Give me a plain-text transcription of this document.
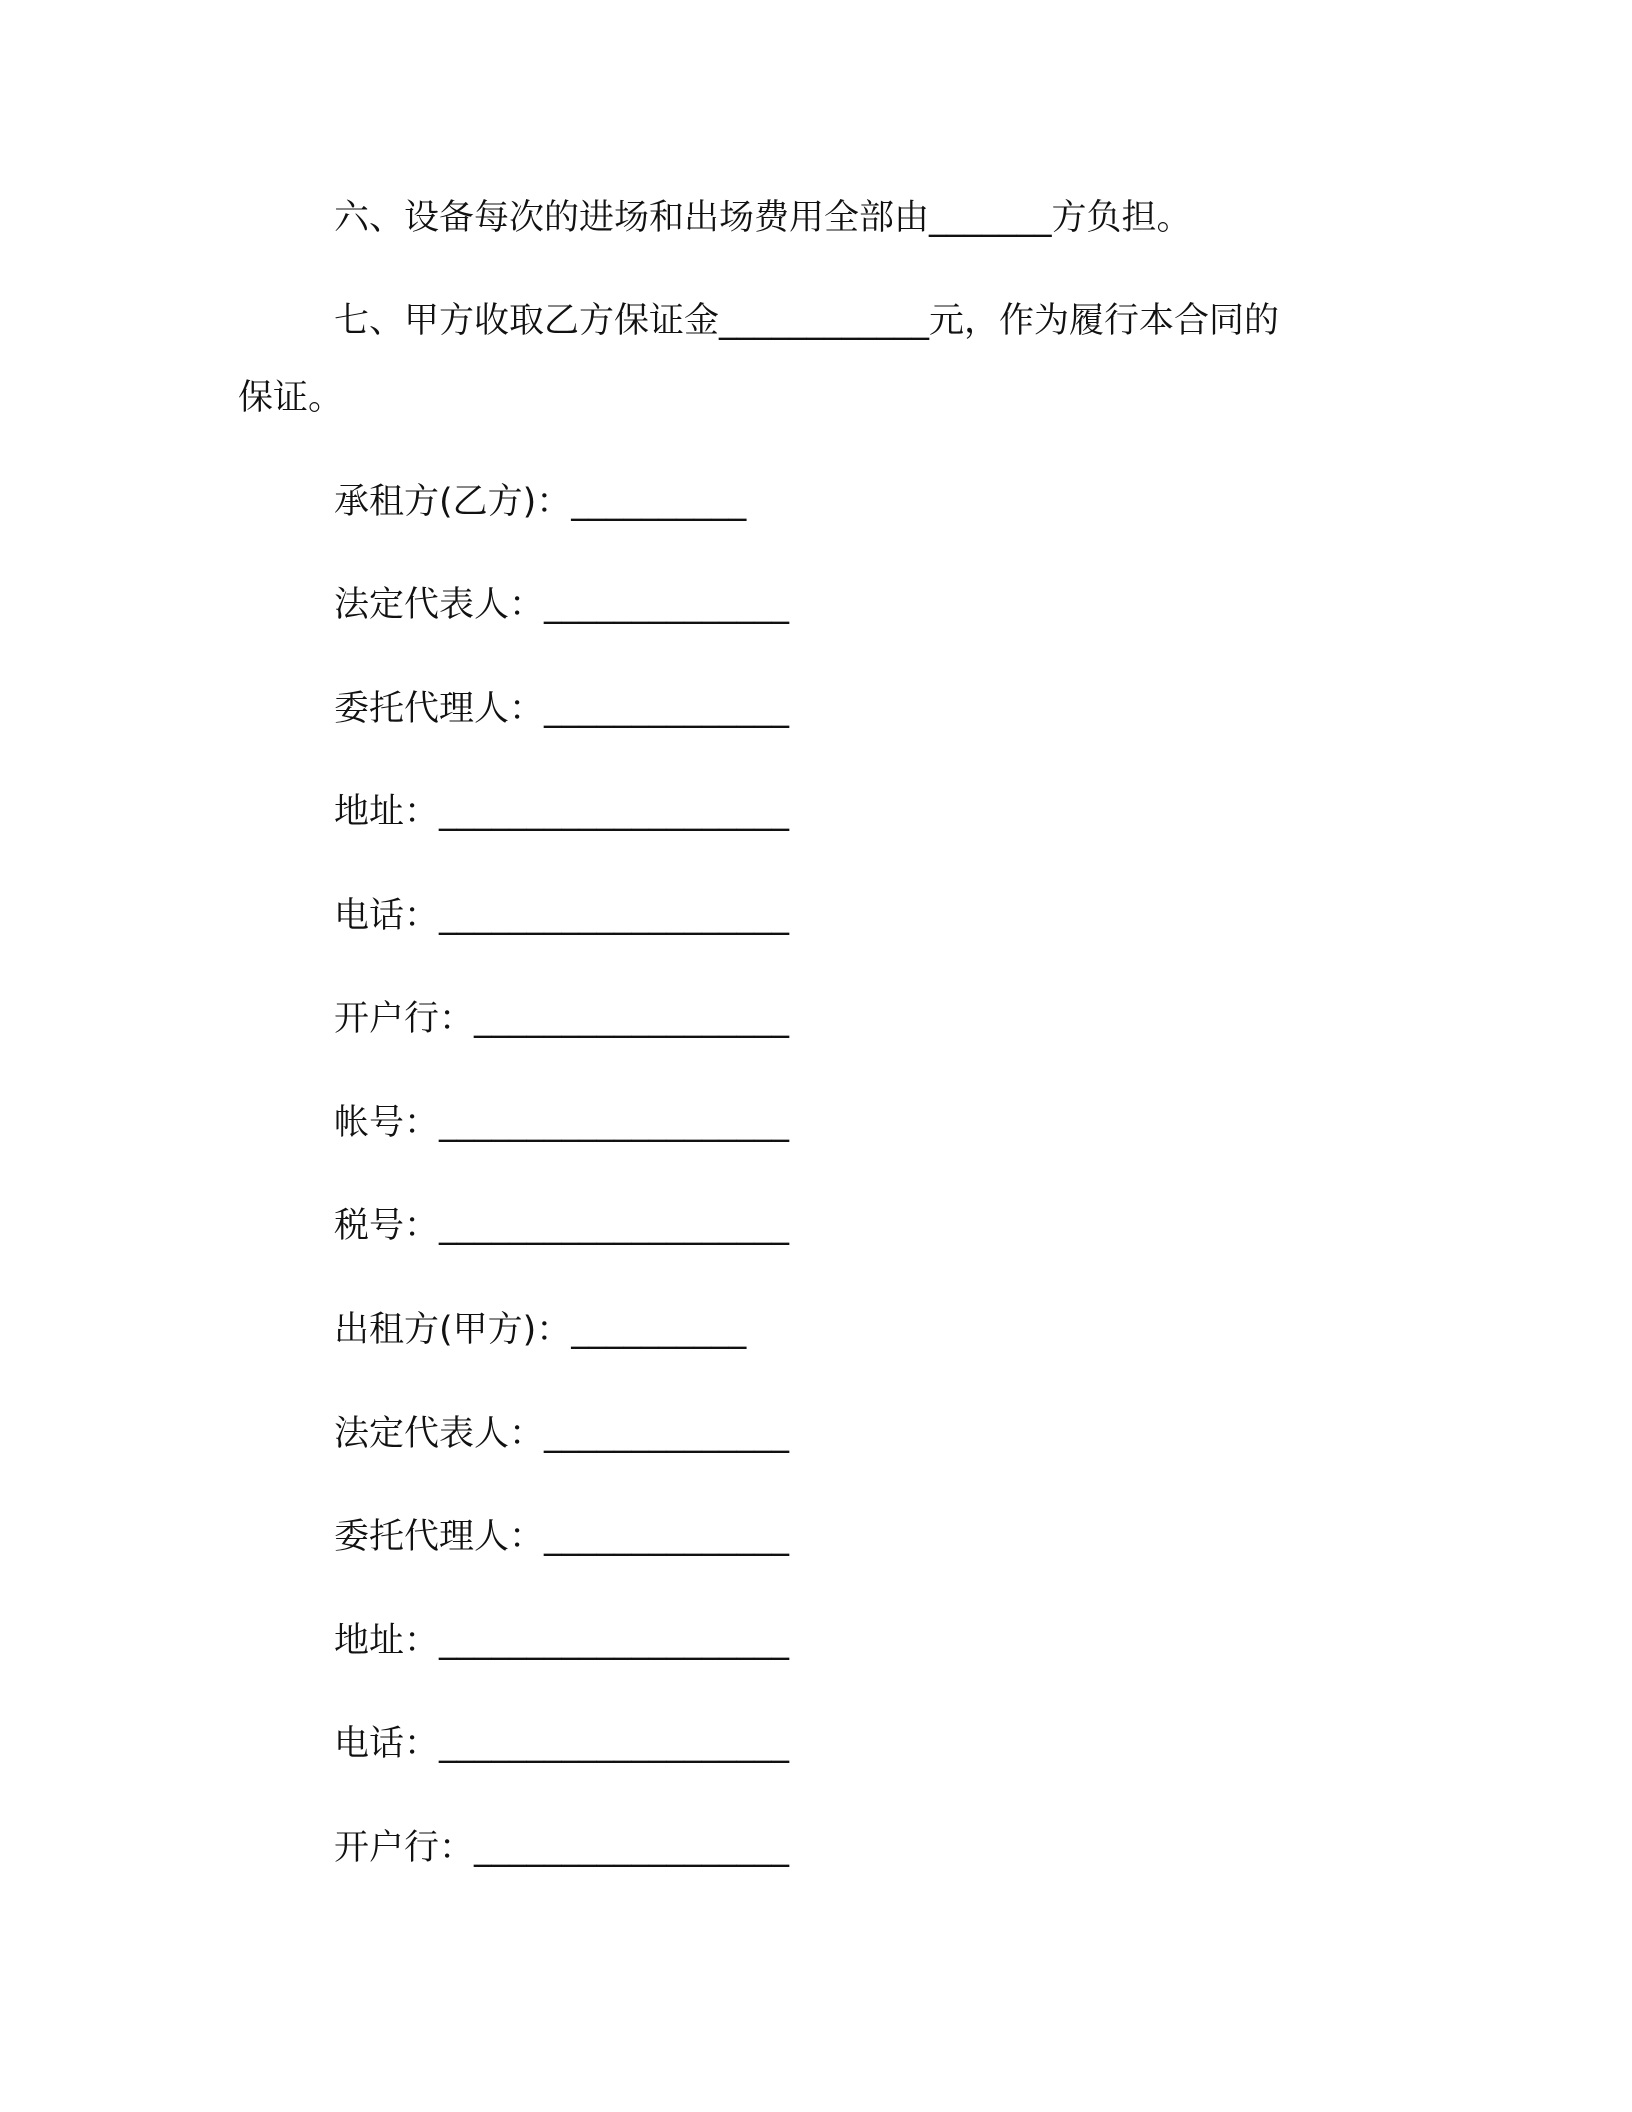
六、设备每次的进场和出场费用全部由_______方负担。
七、甲方收取乙方保证金____________元，作为履行本合同的
保证。
承租方(乙方)：__________
法定代表人：______________
委托代理人：______________
地址：____________________
电话：____________________
开户行：__________________
帐号：____________________
税号：____________________
出租方(甲方)：__________
法定代表人：______________
委托代理人：______________
地址：____________________
电话：____________________
开户行：__________________
